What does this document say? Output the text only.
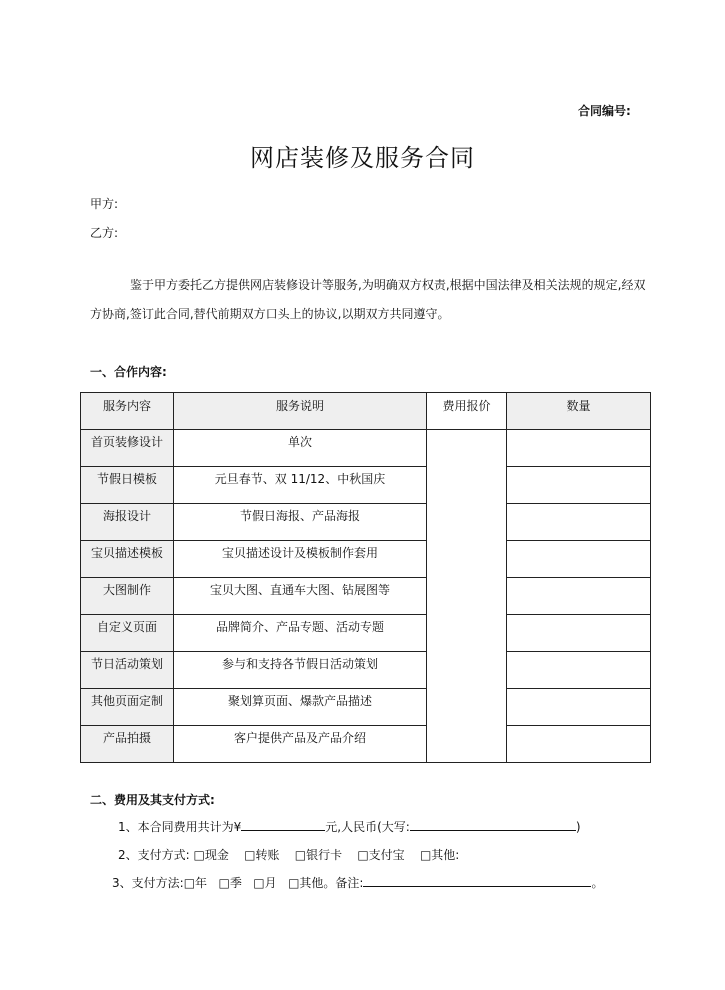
合同编号:
网店装修及服务合同
甲方:
乙方:
鉴于甲方委托乙方提供网店装修设计等服务,为明确双方权责,根据中国法律及相关法规的规定,经双方协商,签订此合同,替代前期双方口头上的协议,以期双方共同遵守。
一、合作内容:
服务内容	服务说明	费用报价	数量
首页装修设计	单次		
节假日模板	元旦春节、双 11/12、中秋国庆		
海报设计	节假日海报、产品海报		
宝贝描述模板	宝贝描述设计及模板制作套用		
大图制作	宝贝大图、直通车大图、钻展图等		
自定义页面	品牌简介、产品专题、活动专题		
节日活动策划	参与和支持各节假日活动策划		
其他页面定制	聚划算页面、爆款产品描述		
产品拍摄	客户提供产品及产品介绍		
二、费用及其支付方式:
1、本合同费用共计为¥	元,人民币(大写:	)
2、支付方式: □现金 □转账 □银行卡 □支付宝 □其他:
3、支付方法:□年 □季 □月 □其他。备注:	。
